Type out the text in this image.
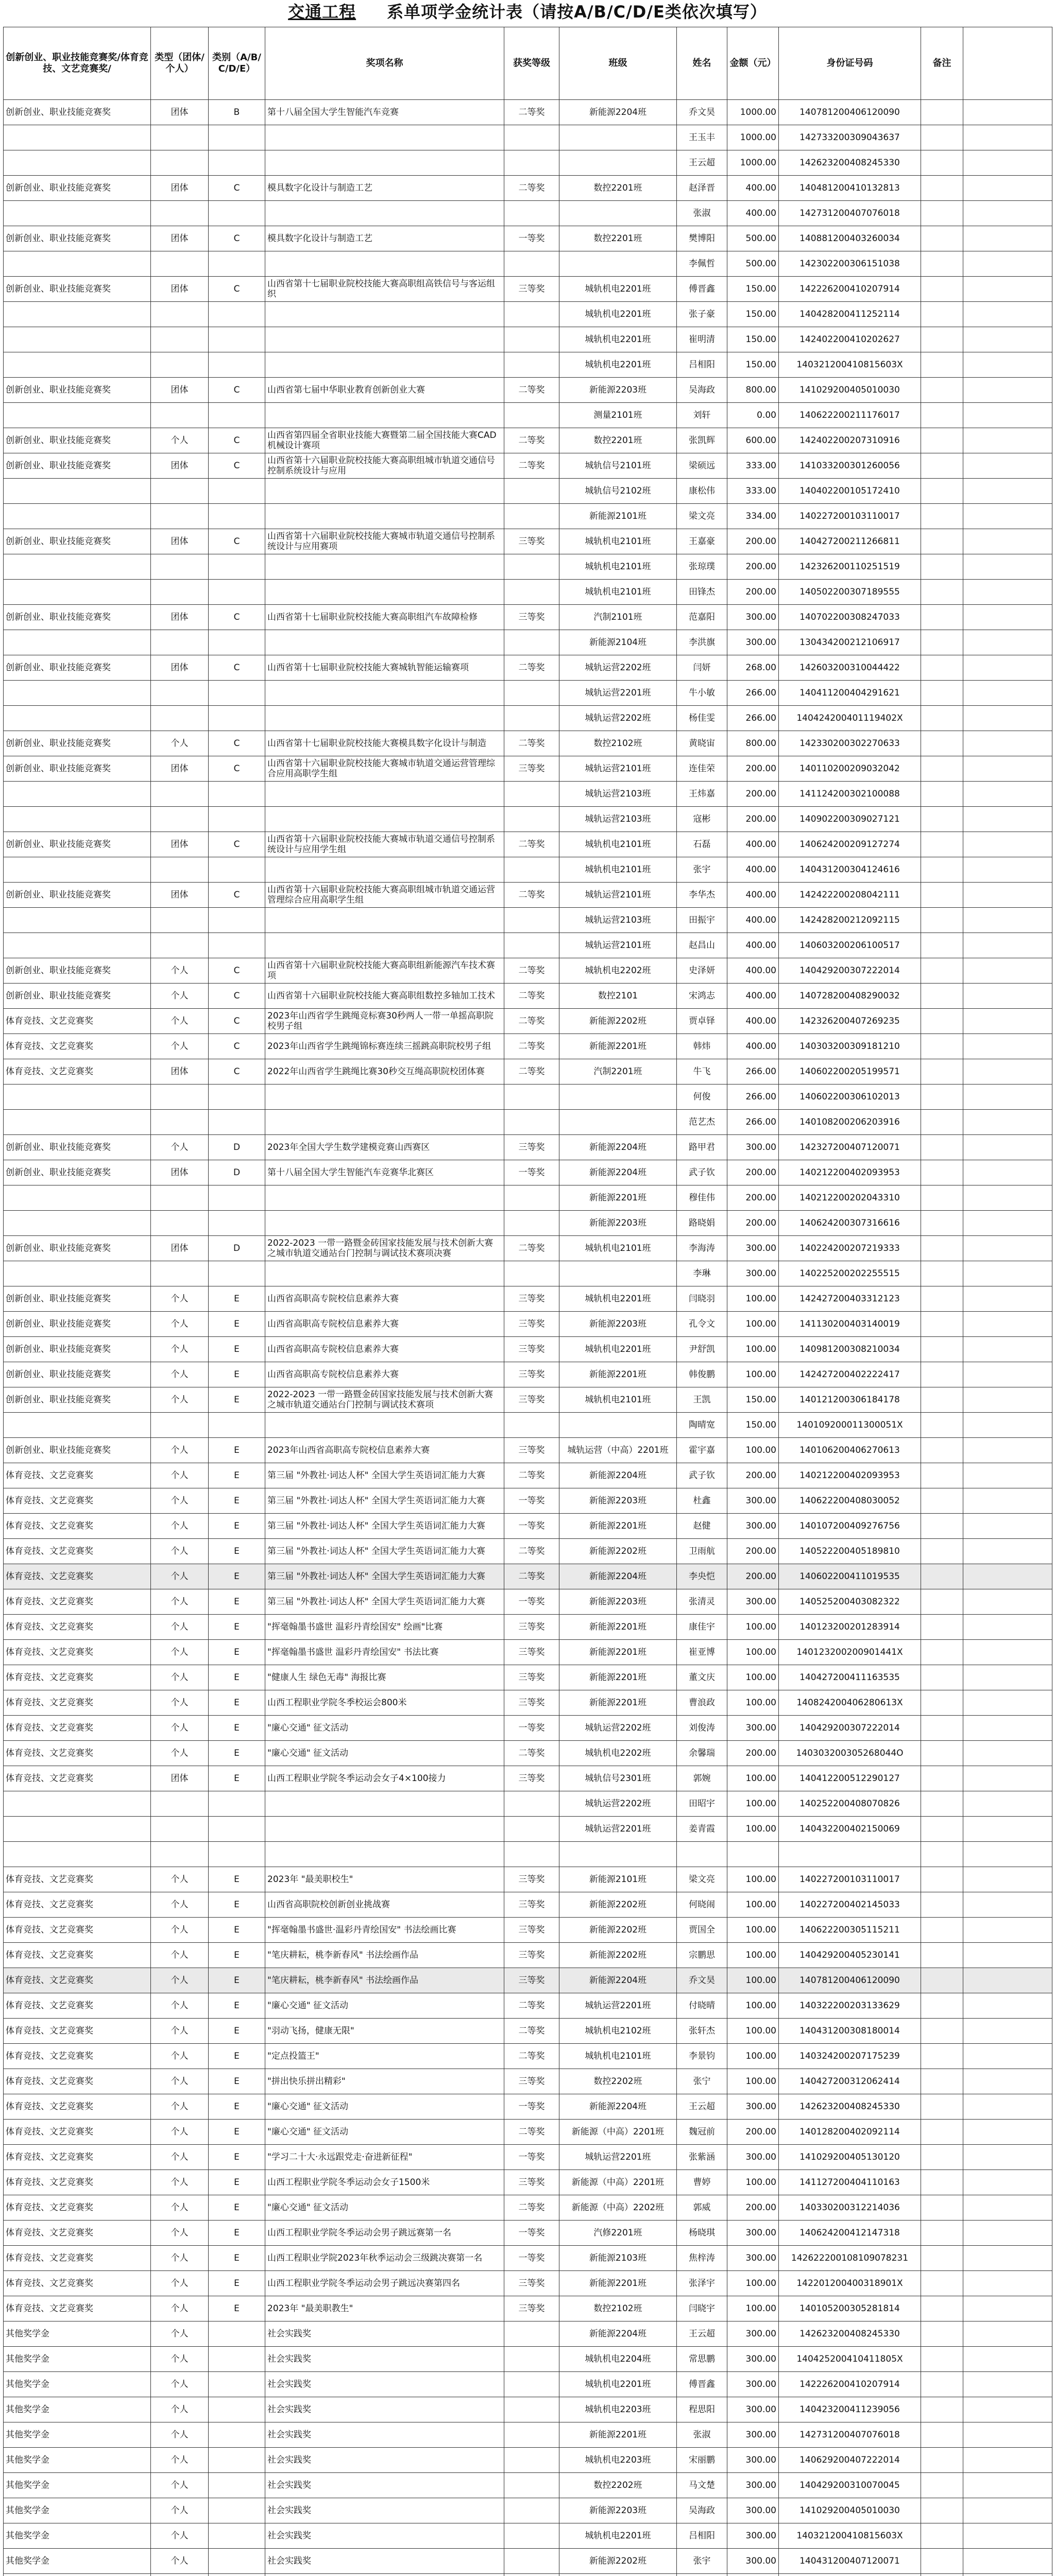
交通工程 系单项学金统计表（请按A/B/C/D/E类依次填写）
创新创业、职业技能竞赛奖/体育竞技、文艺竞赛奖/	类型（团体/个人）	类别（A/B/C/D/E）	奖项名称	获奖等级	班级	姓名	金额（元）	身份证号码	备注	
创新创业、职业技能竞赛奖	团体	B	第十八届全国大学生智能汽车竞赛	二等奖	新能源2204班	乔文昊	1000.00	140781200406120090		
						王玉丰	1000.00	142733200309043637		
						王云超	1000.00	142623200408245330		
创新创业、职业技能竞赛奖	团体	C	模具数字化设计与制造工艺	二等奖	数控2201班	赵泽晋	400.00	140481200410132813		
						张淑	400.00	142731200407076018		
创新创业、职业技能竞赛奖	团体	C	模具数字化设计与制造工艺	一等奖	数控2201班	樊博阳	500.00	140881200403260034		
						李佩哲	500.00	142302200306151038		
创新创业、职业技能竞赛奖	团体	C	山西省第十七届职业院校技能大赛高职组高铁信号与客运组织	三等奖	城轨机电2201班	傅晋鑫	150.00	142226200410207914		
					城轨机电2201班	张子豪	150.00	140428200411252114		
					城轨机电2201班	崔明清	150.00	142402200410202627		
					城轨机电2201班	吕相阳	150.00	140321200410815603X		
创新创业、职业技能竞赛奖	团体	C	山西省第七届中华职业教育创新创业大赛	二等奖	新能源2203班	吴海政	800.00	141029200405010030		
					测量2101班	刘轩	0.00	140622200211176017		
创新创业、职业技能竞赛奖	个人	C	山西省第四届全省职业技能大赛暨第二届全国技能大赛CAD机械设计赛项	二等奖	数控2201班	张凯辉	600.00	142402200207310916		
创新创业、职业技能竞赛奖	团体	C	山西省第十六届职业院校技能大赛高职组城市轨道交通信号控制系统设计与应用	二等奖	城轨信号2101班	梁硕远	333.00	141033200301260056		
					城轨信号2102班	康松伟	333.00	140402200105172410		
					新能源2101班	梁文亮	334.00	140227200103110017		
创新创业、职业技能竞赛奖	团体	C	山西省第十六届职业院校技能大赛城市轨道交通信号控制系统设计与应用赛项	三等奖	城轨机电2101班	王嘉豪	200.00	140427200211266811		
					城轨机电2101班	张琼璞	200.00	142326200110251519		
					城轨机电2101班	田锋杰	200.00	140502200307189555		
创新创业、职业技能竞赛奖	团体	C	山西省第十七届职业院校技能大赛高职组汽车故障检修	三等奖	汽制2101班	范嘉阳	300.00	140702200308247033		
					新能源2104班	李洪旗	300.00	130434200212106917		
创新创业、职业技能竞赛奖	团体	C	山西省第十七届职业院校技能大赛城轨智能运输赛项	二等奖	城轨运营2202班	闫妍	268.00	142603200310044422		
					城轨运营2201班	牛小敏	266.00	140411200404291621		
					城轨运营2202班	杨佳雯	266.00	140424200401119402X		
创新创业、职业技能竞赛奖	个人	C	山西省第十七届职业院校技能大赛模具数字化设计与制造	二等奖	数控2102班	黄晓宙	800.00	142330200302270633		
创新创业、职业技能竞赛奖	团体	C	山西省第十六届职业院校技能大赛城市轨道交通运营管理综合应用高职学生组	三等奖	城轨运营2101班	连佳荣	200.00	140110200209032042		
					城轨运营2103班	王炜嘉	200.00	141124200302100088		
					城轨运营2103班	寇彬	200.00	140902200309027121		
创新创业、职业技能竞赛奖	团体	C	山西省第十六届职业院校技能大赛城市轨道交通信号控制系统设计与应用学生组	二等奖	城轨机电2101班	石磊	400.00	140624200209127274		
					城轨机电2101班	张宇	400.00	140431200304124616		
创新创业、职业技能竞赛奖	团体	C	山西省第十六届职业院校技能大赛高职组城市轨道交通运营管理综合应用高职学生组	二等奖	城轨运营2101班	李华杰	400.00	142422200208042111		
					城轨运营2103班	田振宇	400.00	142428200212092115		
					城轨运营2101班	赵昌山	400.00	140603200206100517		
创新创业、职业技能竞赛奖	个人	C	山西省第十六届职业院校技能大赛高职组新能源汽车技术赛项	二等奖	城轨机电2202班	史泽妍	400.00	140429200307222014		
创新创业、职业技能竞赛奖	个人	C	山西省第十六届职业院校技能大赛高职组数控多轴加工技术	二等奖	数控2101	宋鸿志	400.00	140728200408290032		
体育竞技、文艺竞赛奖	个人	C	2023年山西省学生跳绳竞标赛30秒两人一带一单摇高职院校男子组	二等奖	新能源2202班	贾卓铎	400.00	142326200407269235		
体育竞技、文艺竞赛奖	个人	C	2023年山西省学生跳绳锦标赛连续三摇跳高职院校男子组	二等奖	新能源2201班	韩炜	400.00	140303200309181210		
体育竞技、文艺竞赛奖	团体	C	2022年山西省学生跳绳比赛30秒交互绳高职院校团体赛	二等奖	汽制2201班	牛飞	266.00	140602200205199571		
						何俊	266.00	140602200306102013		
						范艺杰	266.00	140108200206203916		
创新创业、职业技能竞赛奖	个人	D	2023年全国大学生数学建模竞赛山西赛区	三等奖	新能源2204班	路甲君	300.00	142327200407120071		
创新创业、职业技能竞赛奖	团体	D	第十八届全国大学生智能汽车竞赛华北赛区	一等奖	新能源2204班	武子钦	200.00	140212200402093953		
					新能源2201班	穆佳伟	200.00	140212200202043310		
					新能源2203班	路晓娟	200.00	140624200307316616		
创新创业、职业技能竞赛奖	团体	D	2022-2023 一带一路暨金砖国家技能发展与技术创新大赛之城市轨道交通站台门控制与调试技术赛项决赛	二等奖	城轨机电2101班	李海涛	300.00	140224200207219333		
						李琳	300.00	140225200202255515		
创新创业、职业技能竞赛奖	个人	E	山西省高职高专院校信息素养大赛	三等奖	城轨机电2201班	闫晓羽	100.00	142427200403312123		
创新创业、职业技能竞赛奖	个人	E	山西省高职高专院校信息素养大赛	三等奖	新能源2203班	孔令文	100.00	141130200403140019		
创新创业、职业技能竞赛奖	个人	E	山西省高职高专院校信息素养大赛	三等奖	城轨机电2201班	尹舒凯	100.00	140981200308210034		
创新创业、职业技能竞赛奖	个人	E	山西省高职高专院校信息素养大赛	三等奖	新能源2201班	韩俊鹏	100.00	142427200402222417		
创新创业、职业技能竞赛奖	个人	E	2022-2023 一带一路暨金砖国家技能发展与技术创新大赛之城市轨道交通站台门控制与调试技术赛项	三等奖	城轨机电2101班	王凯	150.00	140121200306184178		
						陶晴宽	150.00	140109200011300051X		
创新创业、职业技能竞赛奖	个人	E	2023年山西省高职高专院校信息素养大赛	三等奖	城轨运营（中高）2201班	霍宇嘉	100.00	140106200406270613		
体育竞技、文艺竞赛奖	个人	E	第三届 "外教社·词达人杯" 全国大学生英语词汇能力大赛	二等奖	新能源2204班	武子钦	200.00	140212200402093953		
体育竞技、文艺竞赛奖	个人	E	第三届 "外教社·词达人杯" 全国大学生英语词汇能力大赛	一等奖	新能源2203班	杜鑫	300.00	140622200408030052		
体育竞技、文艺竞赛奖	个人	E	第三届 "外教社·词达人杯" 全国大学生英语词汇能力大赛	一等奖	新能源2201班	赵健	300.00	140107200409276756		
体育竞技、文艺竞赛奖	个人	E	第三届 "外教社·词达人杯" 全国大学生英语词汇能力大赛	二等奖	新能源2202班	卫雨航	200.00	140522200405189810		
体育竞技、文艺竞赛奖	个人	E	第三届 "外教社·词达人杯" 全国大学生英语词汇能力大赛	二等奖	新能源2204班	李央恺	200.00	140602200411019535		
体育竞技、文艺竞赛奖	个人	E	第三届 "外教社·词达人杯" 全国大学生英语词汇能力大赛	一等奖	新能源2203班	张清灵	300.00	140525200403082322		
体育竞技、文艺竞赛奖	个人	E	"挥毫翰墨书盛世 温彩丹青绘国安" 绘画"比赛	三等奖	新能源2201班	康佳宇	100.00	140123200201283914		
体育竞技、文艺竞赛奖	个人	E	"挥毫翰墨书盛世 温彩丹青绘国安" 书法比赛	三等奖	新能源2201班	崔亚博	100.00	140123200200901441X		
体育竞技、文艺竞赛奖	个人	E	"健康人生 绿色无毒" 海报比赛	三等奖	新能源2201班	董文庆	100.00	140427200411163535		
体育竞技、文艺竞赛奖	个人	E	山西工程职业学院冬季校运会800米	三等奖	新能源2201班	曹浪政	100.00	140824200406280613X		
体育竞技、文艺竞赛奖	个人	E	"廉心交通" 征文活动	一等奖	城轨运营2202班	刘俊涛	300.00	140429200307222014		
体育竞技、文艺竞赛奖	个人	E	"廉心交通" 征文活动	二等奖	城轨机电2202班	余馨瑞	200.00	140303200305268044O		
体育竞技、文艺竞赛奖	团体	E	山西工程职业学院冬季运动会女子4×100接力	三等奖	城轨信号2301班	郭婉	100.00	140412200512290127		
					城轨运营2202班	田昭宇	100.00	140252200408070826		
					城轨运营2201班	姜青霞	100.00	140432200402150069		

体育竞技、文艺竞赛奖	个人	E	2023年 "最美职校生"	三等奖	新能源2101班	梁文亮	100.00	140227200103110017		
体育竞技、文艺竞赛奖	个人	E	山西省高职院校创新创业挑战赛	三等奖	新能源2202班	何晓闹	100.00	140227200402145033		
体育竞技、文艺竞赛奖	个人	E	"挥毫翰墨书盛世·温彩丹青绘国安" 书法绘画比赛	三等奖	新能源2202班	贾国全	100.00	140622200305115211		
体育竞技、文艺竞赛奖	个人	E	"笔庆耕耘，桃李新春风" 书法绘画作品	三等奖	新能源2202班	宗鹏思	100.00	140429200405230141		
体育竞技、文艺竞赛奖	个人	E	"笔庆耕耘，桃李新春风" 书法绘画作品	三等奖	新能源2204班	乔文昊	100.00	140781200406120090		
体育竞技、文艺竞赛奖	个人	E	"廉心交通" 征文活动	二等奖	城轨运营2201班	付晓晴	100.00	140322200203133629		
体育竞技、文艺竞赛奖	个人	E	"羽动飞扬，健康无限"	二等奖	城轨机电2102班	张轩杰	100.00	140431200308180014		
体育竞技、文艺竞赛奖	个人	E	"定点投篮王"	二等奖	城轨机电2101班	李景钧	100.00	140324200207175239		
体育竞技、文艺竞赛奖	个人	E	"拼出快乐拼出精彩"	三等奖	数控2202班	张宁	100.00	140427200312062414		
体育竞技、文艺竞赛奖	个人	E	"廉心交通" 征文活动	一等奖	新能源2204班	王云超	300.00	142623200408245330		
体育竞技、文艺竞赛奖	个人	E	"廉心交通" 征文活动	二等奖	新能源（中高）2201班	魏冠前	200.00	140128200402092114		
体育竞技、文艺竞赛奖	个人	E	"学习二十大·永远跟党走·奋进新征程"	一等奖	城轨运营2201班	张紫涵	300.00	141029200405130120		
体育竞技、文艺竞赛奖	个人	E	山西工程职业学院冬季运动会女子1500米	三等奖	新能源（中高）2201班	曹婷	100.00	141127200404110163		
体育竞技、文艺竞赛奖	个人	E	"廉心交通" 征文活动	二等奖	新能源（中高）2202班	郭威	200.00	140330200312214036		
体育竞技、文艺竞赛奖	个人	E	山西工程职业学院冬季运动会男子跳远赛第一名	一等奖	汽修2201班	杨晓琪	300.00	140624200412147318		
体育竞技、文艺竞赛奖	个人	E	山西工程职业学院2023年秋季运动会三级跳决赛第一名	一等奖	新能源2103班	焦梓涛	300.00	142622200108109078231		
体育竞技、文艺竞赛奖	个人	E	山西工程职业学院冬季运动会男子跳远决赛第四名	三等奖	新能源2201班	张泽宇	100.00	142201200400318901X		
体育竞技、文艺竞赛奖	个人	E	2023年 "最美职教生"	三等奖	数控2102班	闫晓宇	100.00	140105200305281814		
其他奖学金	个人		社会实践奖		新能源2204班	王云超	300.00	142623200408245330		
其他奖学金	个人		社会实践奖		城轨机电2204班	常思鹏	300.00	140425200410411805X		
其他奖学金	个人		社会实践奖		城轨机电2201班	傅晋鑫	300.00	142226200410207914		
其他奖学金	个人		社会实践奖		城轨机电2203班	程思阳	300.00	140423200411239056		
其他奖学金	个人		社会实践奖		新能源2201班	张淑	300.00	142731200407076018		
其他奖学金	个人		社会实践奖		城轨机电2203班	宋丽鹏	300.00	140629200407222014		
其他奖学金	个人		社会实践奖		数控2202班	马文楚	300.00	140429200310070045		
其他奖学金	个人		社会实践奖		新能源2203班	吴海政	300.00	141029200405010030		
其他奖学金	个人		社会实践奖		城轨机电2201班	吕相阳	300.00	140321200410815603X		
其他奖学金	个人		社会实践奖		新能源2202班	张宇	300.00	140431200407120071		
